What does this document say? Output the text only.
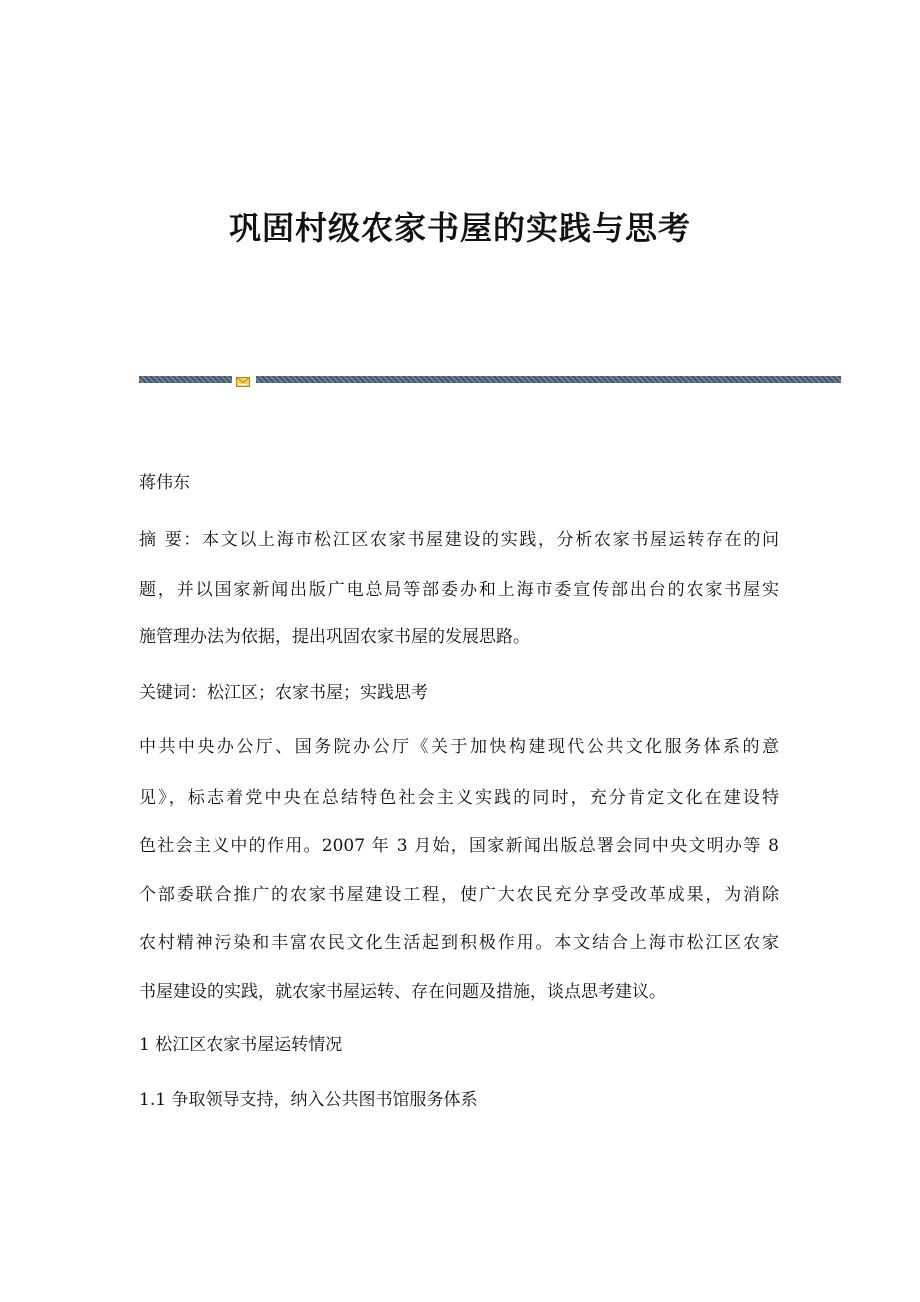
巩固村级农家书屋的实践与思考
蒋伟东
摘 要：本文以上海市松江区农家书屋建设的实践，分析农家书屋运转存在的问
题，并以国家新闻出版广电总局等部委办和上海市委宣传部出台的农家书屋实
施管理办法为依据，提出巩固农家书屋的发展思路。
关键词：松江区；农家书屋；实践思考
中共中央办公厅、国务院办公厅《关于加快构建现代公共文化服务体系的意
见》，标志着党中央在总结特色社会主义实践的同时，充分肯定文化在建设特
色社会主义中的作用。2007 年 3 月始，国家新闻出版总署会同中央文明办等 8
个部委联合推广的农家书屋建设工程，使广大农民充分享受改革成果，为消除
农村精神污染和丰富农民文化生活起到积极作用。本文结合上海市松江区农家
书屋建设的实践，就农家书屋运转、存在问题及措施，谈点思考建议。
1 松江区农家书屋运转情况
1.1 争取领导支持，纳入公共图书馆服务体系
